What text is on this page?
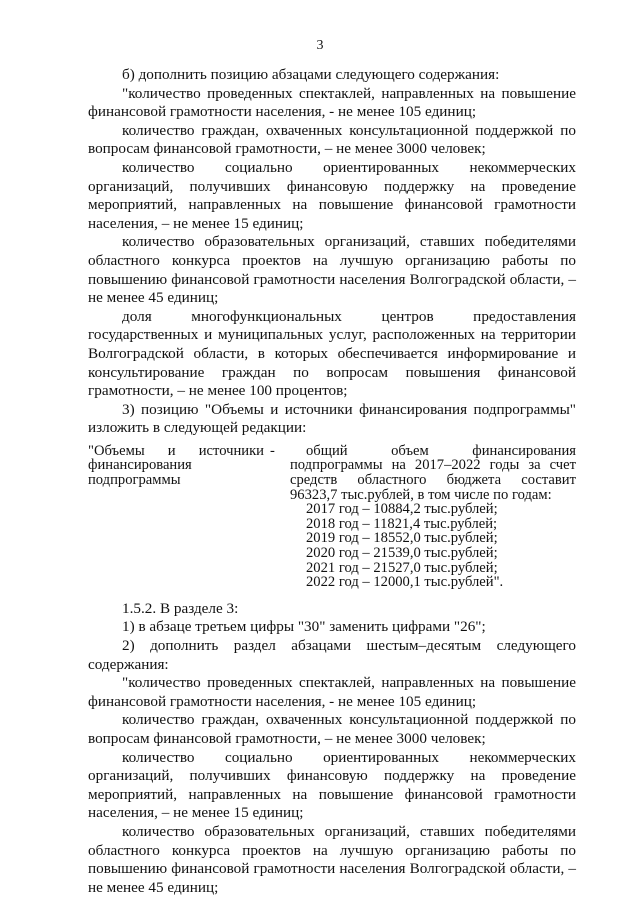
3

б) дополнить позицию абзацами следующего содержания:

"количество проведенных спектаклей, направленных на повышение финансовой грамотности населения, - не менее 105 единиц;

количество граждан, охваченных консультационной поддержкой по вопросам финансовой грамотности, – не менее 3000 человек;

количество социально ориентированных некоммерческих организаций, получивших финансовую поддержку на проведение мероприятий, направленных на повышение финансовой грамотности населения, – не менее 15 единиц;

количество образовательных организаций, ставших победителями областного конкурса проектов на лучшую организацию работы по повышению финансовой грамотности населения Волгоградской области, – не менее 45 единиц;

доля многофункциональных центров предоставления государственных и муниципальных услуг, расположенных на территории Волгоградской области, в которых обеспечивается информирование и консультирование граждан по вопросам повышения финансовой грамотности, – не менее 100 процентов;

3) позицию "Объемы и источники финансирования подпрограммы" изложить в следующей редакции:

"Объемы и источники финансирования подпрограммы
-	общий объем финансирования подпрограммы на 2017–2022 годы за счет средств областного бюджета составит 96323,7 тыс.рублей, в том числе по годам:
2017 год – 10884,2 тыс.рублей;
2018 год – 11821,4 тыс.рублей;
2019 год – 18552,0 тыс.рублей;
2020 год – 21539,0 тыс.рублей;
2021 год – 21527,0 тыс.рублей;
2022 год – 12000,1 тыс.рублей".

1.5.2. В разделе 3:

1) в абзаце третьем цифры "30" заменить цифрами "26";

2) дополнить раздел абзацами шестым–десятым следующего содержания:

"количество проведенных спектаклей, направленных на повышение финансовой грамотности населения, - не менее 105 единиц;

количество граждан, охваченных консультационной поддержкой по вопросам финансовой грамотности, – не менее 3000 человек;

количество социально ориентированных некоммерческих организаций, получивших финансовую поддержку на проведение мероприятий, направленных на повышение финансовой грамотности населения, – не менее 15 единиц;

количество образовательных организаций, ставших победителями областного конкурса проектов на лучшую организацию работы по повышению финансовой грамотности населения Волгоградской области, – не менее 45 единиц;
